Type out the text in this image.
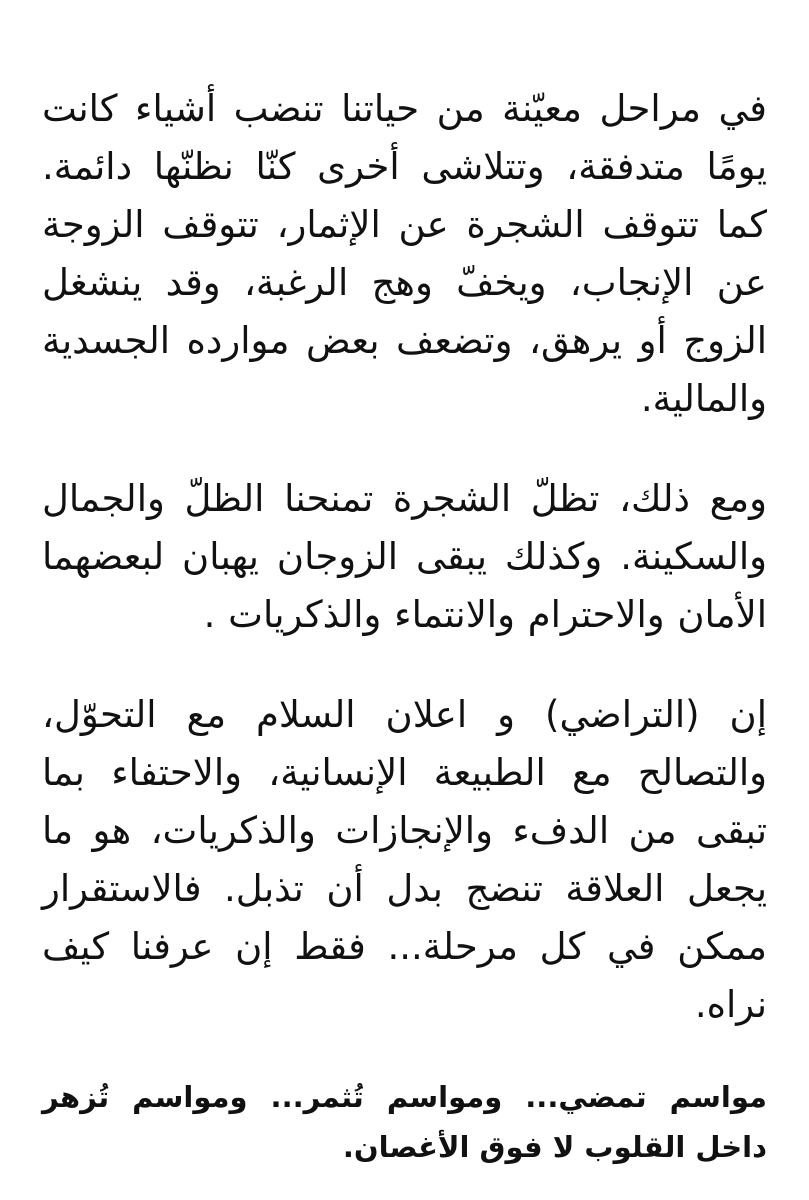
في مراحل معيّنة من حياتنا تنضب أشياء كانت يومًا متدفقة، وتتلاشى أخرى كنّا نظنّها دائمة. كما تتوقف الشجرة عن الإثمار، تتوقف الزوجة عن الإنجاب، ويخفّ وهج الرغبة، وقد ينشغل الزوج أو يرهق، وتضعف بعض موارده الجسدية والمالية.

ومع ذلك، تظلّ الشجرة تمنحنا الظلّ والجمال والسكينة. وكذلك يبقى الزوجان يهبان لبعضهما الأمان والاحترام والانتماء والذكريات .

إن (التراضي) و اعلان السلام مع التحوّل، والتصالح مع الطبيعة الإنسانية، والاحتفاء بما تبقى من الدفء والإنجازات والذكريات، هو ما يجعل العلاقة تنضج بدل أن تذبل. فالاستقرار ممكن في كل مرحلة... فقط إن عرفنا كيف نراه.

مواسم تمضي... ومواسم تُثمر... ومواسم تُزهر داخل القلوب لا فوق الأغصان.
